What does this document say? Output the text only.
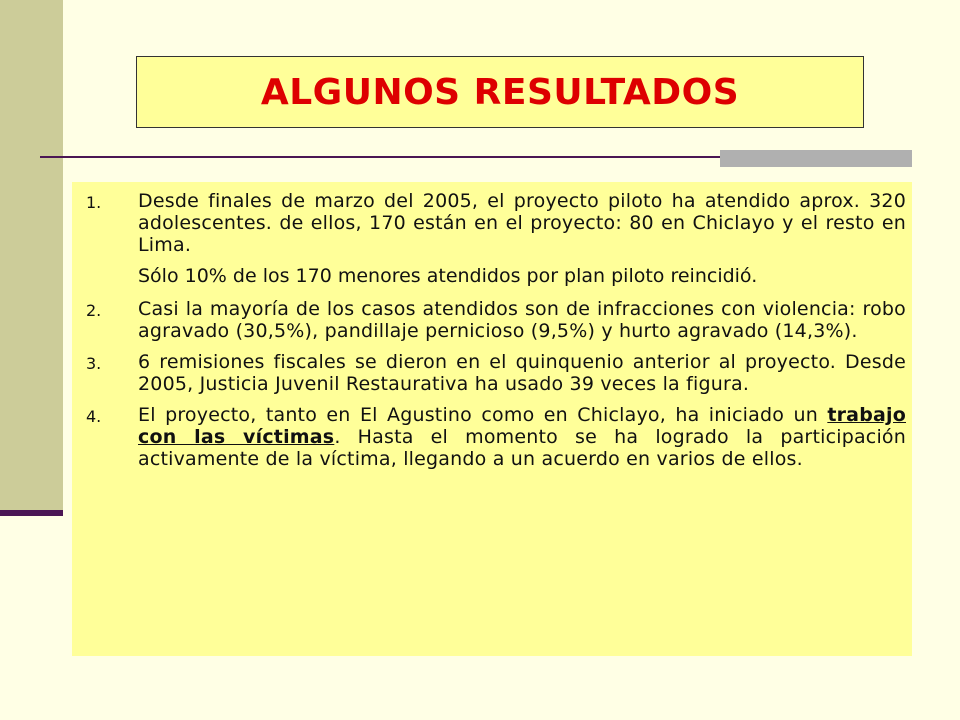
ALGUNOS RESULTADOS
1.	Desde finales de marzo del 2005, el proyecto piloto ha atendido aprox. 320 adolescentes. de ellos, 170 están en el proyecto: 80 en Chiclayo y el resto en Lima.
Sólo 10% de los 170 menores atendidos por plan piloto reincidió.
2.	Casi la mayoría de los casos atendidos son de infracciones con violencia: robo agravado (30,5%), pandillaje pernicioso (9,5%) y hurto agravado (14,3%).
3.	6 remisiones fiscales se dieron en el quinquenio anterior al proyecto. Desde 2005, Justicia Juvenil Restaurativa ha usado 39 veces la figura.
4.	El proyecto, tanto en El Agustino como en Chiclayo, ha iniciado un trabajo con las víctimas. Hasta el momento se ha logrado la participación activamente de la víctima, llegando a un acuerdo en varios de ellos.
